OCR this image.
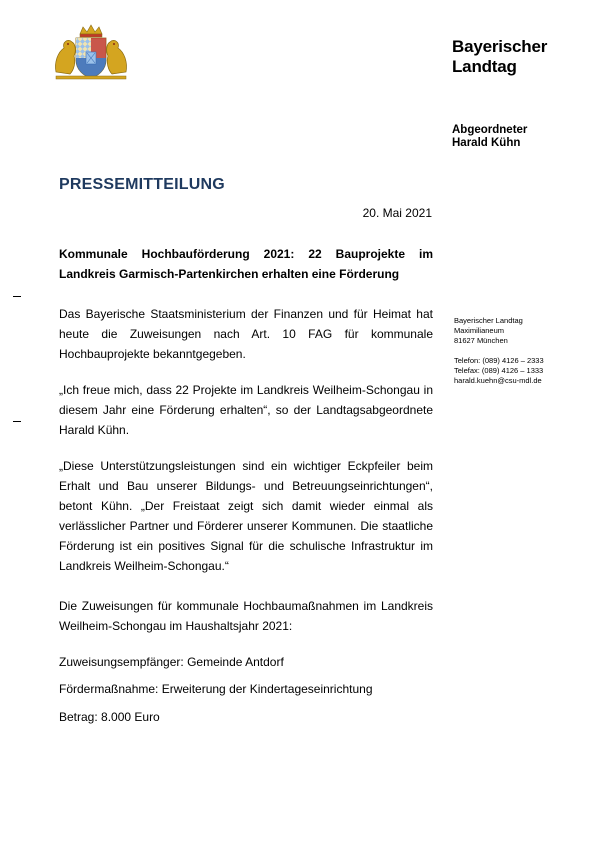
Bayerischer
Landtag
Abgeordneter
Harald Kühn
PRESSEMITTEILUNG
20. Mai 2021
Kommunale Hochbauförderung 2021: 22 Bauprojekte im Landkreis Garmisch-Partenkirchen erhalten eine Förderung
Das Bayerische Staatsministerium der Finanzen und für Heimat hat heute die Zuweisungen nach Art. 10 FAG für kommunale Hochbauprojekte bekanntgegeben.
„Ich freue mich, dass 22 Projekte im Landkreis Weilheim-Schongau in diesem Jahr eine Förderung erhalten“, so der Landtagsabgeordnete Harald Kühn.
„Diese Unterstützungsleistungen sind ein wichtiger Eckpfeiler beim Erhalt und Bau unserer Bildungs- und Betreuungseinrichtungen“, betont Kühn. „Der Freistaat zeigt sich damit wieder einmal als verlässlicher Partner und Förderer unserer Kommunen. Die staatliche Förderung ist ein positives Signal für die schulische Infrastruktur im Landkreis Weilheim-Schongau.“
Die Zuweisungen für kommunale Hochbaumaßnahmen im Landkreis Weilheim-Schongau im Haushaltsjahr 2021:
Zuweisungsempfänger: Gemeinde Antdorf
Fördermaßnahme: Erweiterung der Kindertageseinrichtung
Betrag: 8.000 Euro
Bayerischer Landtag
Maximilianeum
81627 München
Telefon: (089) 4126 – 2333
Telefax: (089) 4126 – 1333
harald.kuehn@csu-mdl.de
